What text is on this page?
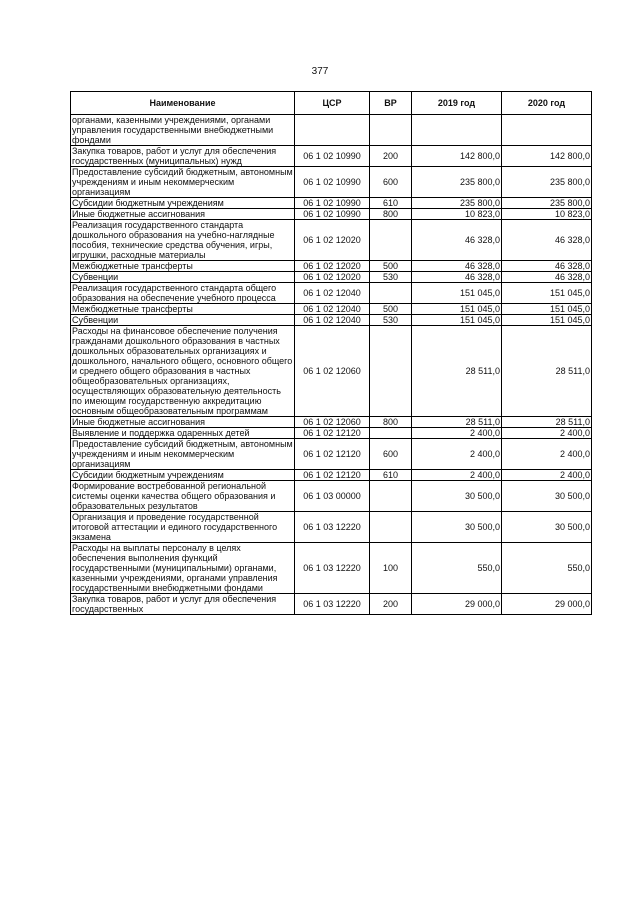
377
Наименование	ЦСР	ВР	2019 год	2020 год
органами, казенными учреждениями, органами управления государственными внебюджетными фондами				
Закупка товаров, работ и услуг для обеспечения государственных (муниципальных) нужд	06 1 02 10990	200	142 800,0	142 800,0
Предоставление субсидий бюджетным, автономным учреждениям и иным некоммерческим организациям	06 1 02 10990	600	235 800,0	235 800,0
Субсидии бюджетным учреждениям	06 1 02 10990	610	235 800,0	235 800,0
Иные бюджетные ассигнования	06 1 02 10990	800	10 823,0	10 823,0
Реализация государственного стандарта дошкольного образования на учебно-наглядные пособия, технические средства обучения, игры, игрушки, расходные материалы	06 1 02 12020		46 328,0	46 328,0
Межбюджетные трансферты	06 1 02 12020	500	46 328,0	46 328,0
Субвенции	06 1 02 12020	530	46 328,0	46 328,0
Реализация государственного стандарта общего образования на обеспечение учебного процесса	06 1 02 12040		151 045,0	151 045,0
Межбюджетные трансферты	06 1 02 12040	500	151 045,0	151 045,0
Субвенции	06 1 02 12040	530	151 045,0	151 045,0
Расходы на финансовое обеспечение получения гражданами дошкольного образования в частных дошкольных образовательных организациях и дошкольного, начального общего, основного общего и среднего общего образования в частных общеобразовательных организациях, осуществляющих образовательную деятельность по имеющим государственную аккредитацию основным общеобразовательным программам	06 1 02 12060		28 511,0	28 511,0
Иные бюджетные ассигнования	06 1 02 12060	800	28 511,0	28 511,0
Выявление и поддержка одаренных детей	06 1 02 12120		2 400,0	2 400,0
Предоставление субсидий бюджетным, автономным учреждениям и иным некоммерческим организациям	06 1 02 12120	600	2 400,0	2 400,0
Субсидии бюджетным учреждениям	06 1 02 12120	610	2 400,0	2 400,0
Формирование востребованной региональной системы оценки качества общего образования и образовательных результатов	06 1 03 00000		30 500,0	30 500,0
Организация и проведение государственной итоговой аттестации и единого государственного экзамена	06 1 03 12220		30 500,0	30 500,0
Расходы на выплаты персоналу в целях обеспечения выполнения функций государственными (муниципальными) органами, казенными учреждениями, органами управления государственными внебюджетными фондами	06 1 03 12220	100	550,0	550,0
Закупка товаров, работ и услуг для обеспечения государственных	06 1 03 12220	200	29 000,0	29 000,0
